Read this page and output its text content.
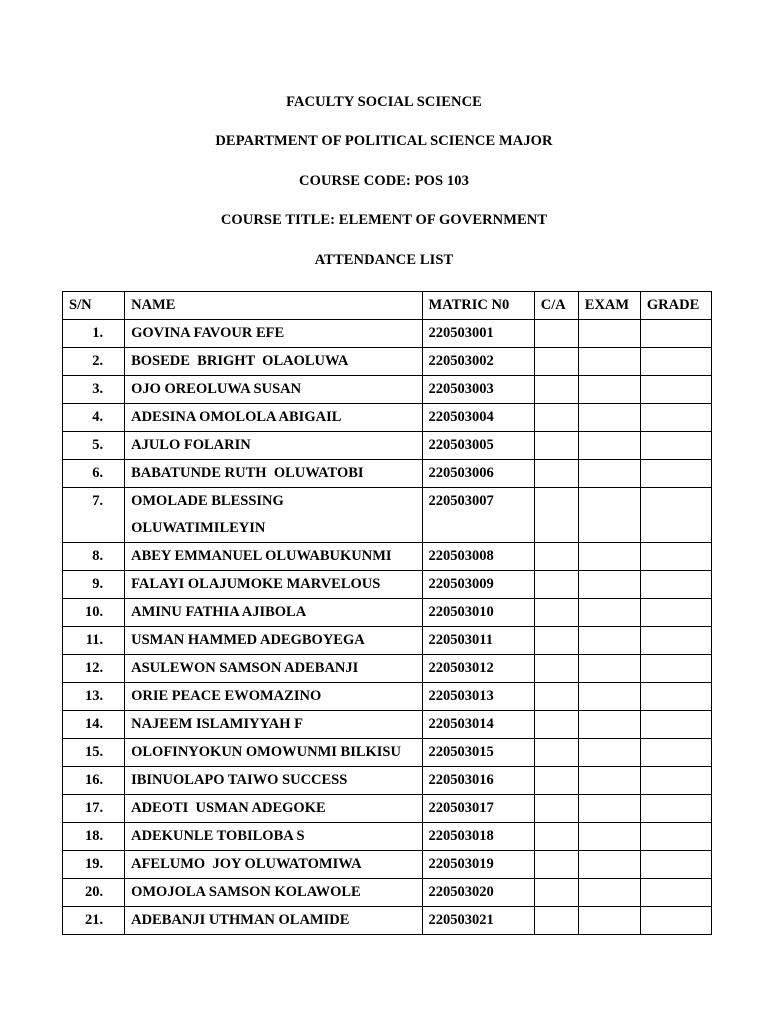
FACULTY SOCIAL SCIENCE
DEPARTMENT OF POLITICAL SCIENCE MAJOR
COURSE CODE: POS 103
COURSE TITLE: ELEMENT OF GOVERNMENT
ATTENDANCE LIST
S/N	NAME	MATRIC N0	C/A	EXAM	GRADE
1.	GOVINA FAVOUR EFE	220503001			
2.	BOSEDE  BRIGHT  OLAOLUWA	220503002			
3.	OJO OREOLUWA SUSAN	220503003			
4.	ADESINA OMOLOLA ABIGAIL	220503004			
5.	AJULO FOLARIN	220503005			
6.	BABATUNDE RUTH  OLUWATOBI	220503006			
7.	OMOLADE BLESSING OLUWATIMILEYIN	220503007			
8.	ABEY EMMANUEL OLUWABUKUNMI	220503008			
9.	FALAYI OLAJUMOKE MARVELOUS	220503009			
10.	AMINU FATHIA AJIBOLA	220503010			
11.	USMAN HAMMED ADEGBOYEGA	220503011			
12.	ASULEWON SAMSON ADEBANJI	220503012			
13.	ORIE PEACE EWOMAZINO	220503013			
14.	NAJEEM ISLAMIYYAH F	220503014			
15.	OLOFINYOKUN OMOWUNMI BILKISU	220503015			
16.	IBINUOLAPO TAIWO SUCCESS	220503016			
17.	ADEOTI  USMAN ADEGOKE	220503017			
18.	ADEKUNLE TOBILOBA S	220503018			
19.	AFELUMO  JOY OLUWATOMIWA	220503019			
20.	OMOJOLA SAMSON KOLAWOLE	220503020			
21.	ADEBANJI UTHMAN OLAMIDE	220503021			
